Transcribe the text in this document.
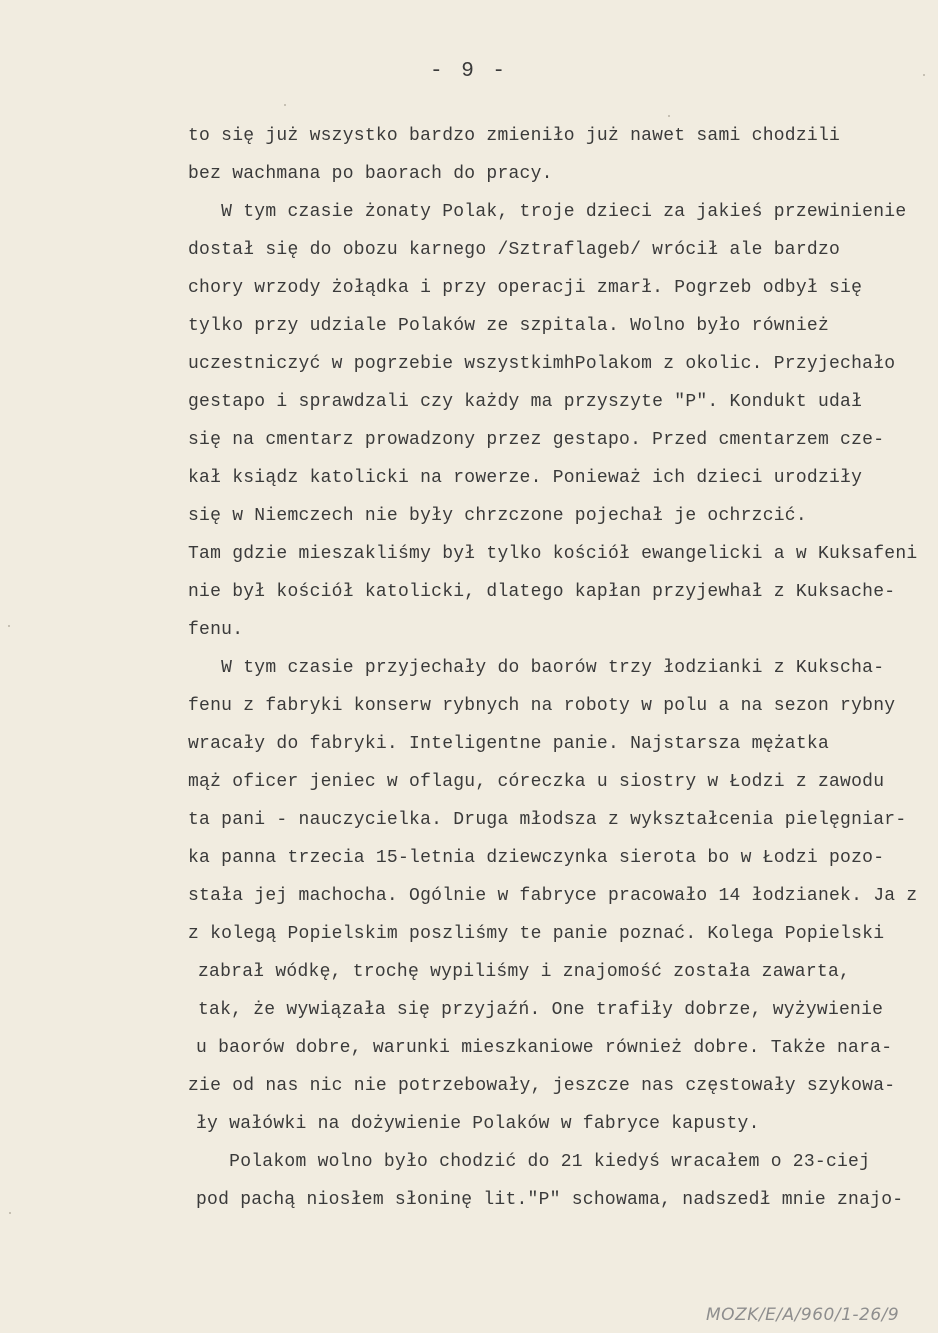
- 9 -
to się już wszystko bardzo zmieniło już nawet sami chodzili
bez wachmana po baorach do pracy.
W tym czasie żonaty Polak, troje dzieci za jakieś przewinienie
dostał się do obozu karnego /Sztraflageb/ wrócił ale bardzo
chory wrzody żołądka i przy operacji zmarł. Pogrzeb odbył się
tylko przy udziale Polaków ze szpitala. Wolno było również
uczestniczyć w pogrzebie wszystkimhPolakom z okolic. Przyjechało
gestapo i sprawdzali czy każdy ma przyszyte "P". Kondukt udał
się na cmentarz prowadzony przez gestapo. Przed cmentarzem cze-
kał ksiądz katolicki na rowerze. Ponieważ ich dzieci urodziły
się w Niemczech nie były chrzczone pojechał je ochrzcić.
Tam gdzie mieszakliśmy był tylko kościół ewangelicki a w Kuksafeni
nie był kościół katolicki, dlatego kapłan przyjewhał z Kuksache-
fenu.
W tym czasie przyjechały do baorów trzy łodzianki z Kukschа-
fenu z fabryki konserw rybnych na roboty w polu a na sezon rybny
wracały do fabryki. Inteligentne panie. Najstarsza mężatka
mąż oficer jeniec w oflagu, córeczka u siostry w Łodzi z zawodu
ta pani - nauczycielka. Druga młodsza z wykształcenia pielęgniar-
ka panna trzecia 15-letnia dziewczynka sierota bo w Łodzi pozo-
stała jej machocha. Ogólnie w fabryce pracowało 14 łodzianek. Ja z
z kolegą Popielskim poszliśmy te panie poznać. Kolega Popielski
zabrał wódkę, trochę wypiliśmy i znajomość została zawarta,
tak, że wywiązała się przyjaźń. One trafiły dobrze, wyżywienie
u baorów dobre, warunki mieszkaniowe również dobre. Także nara-
zie od nas nic nie potrzebowały, jeszcze nas częstowały szykowa-
ły wałówki na dożywienie Polaków w fabryce kapusty.
Polakom wolno było chodzić do 21 kiedyś wracałem o 23-ciej
pod pachą niosłem słoninę lit."P" schowama, nadszedł mnie znajo-
MOZK/E/A/960/1-26/9
